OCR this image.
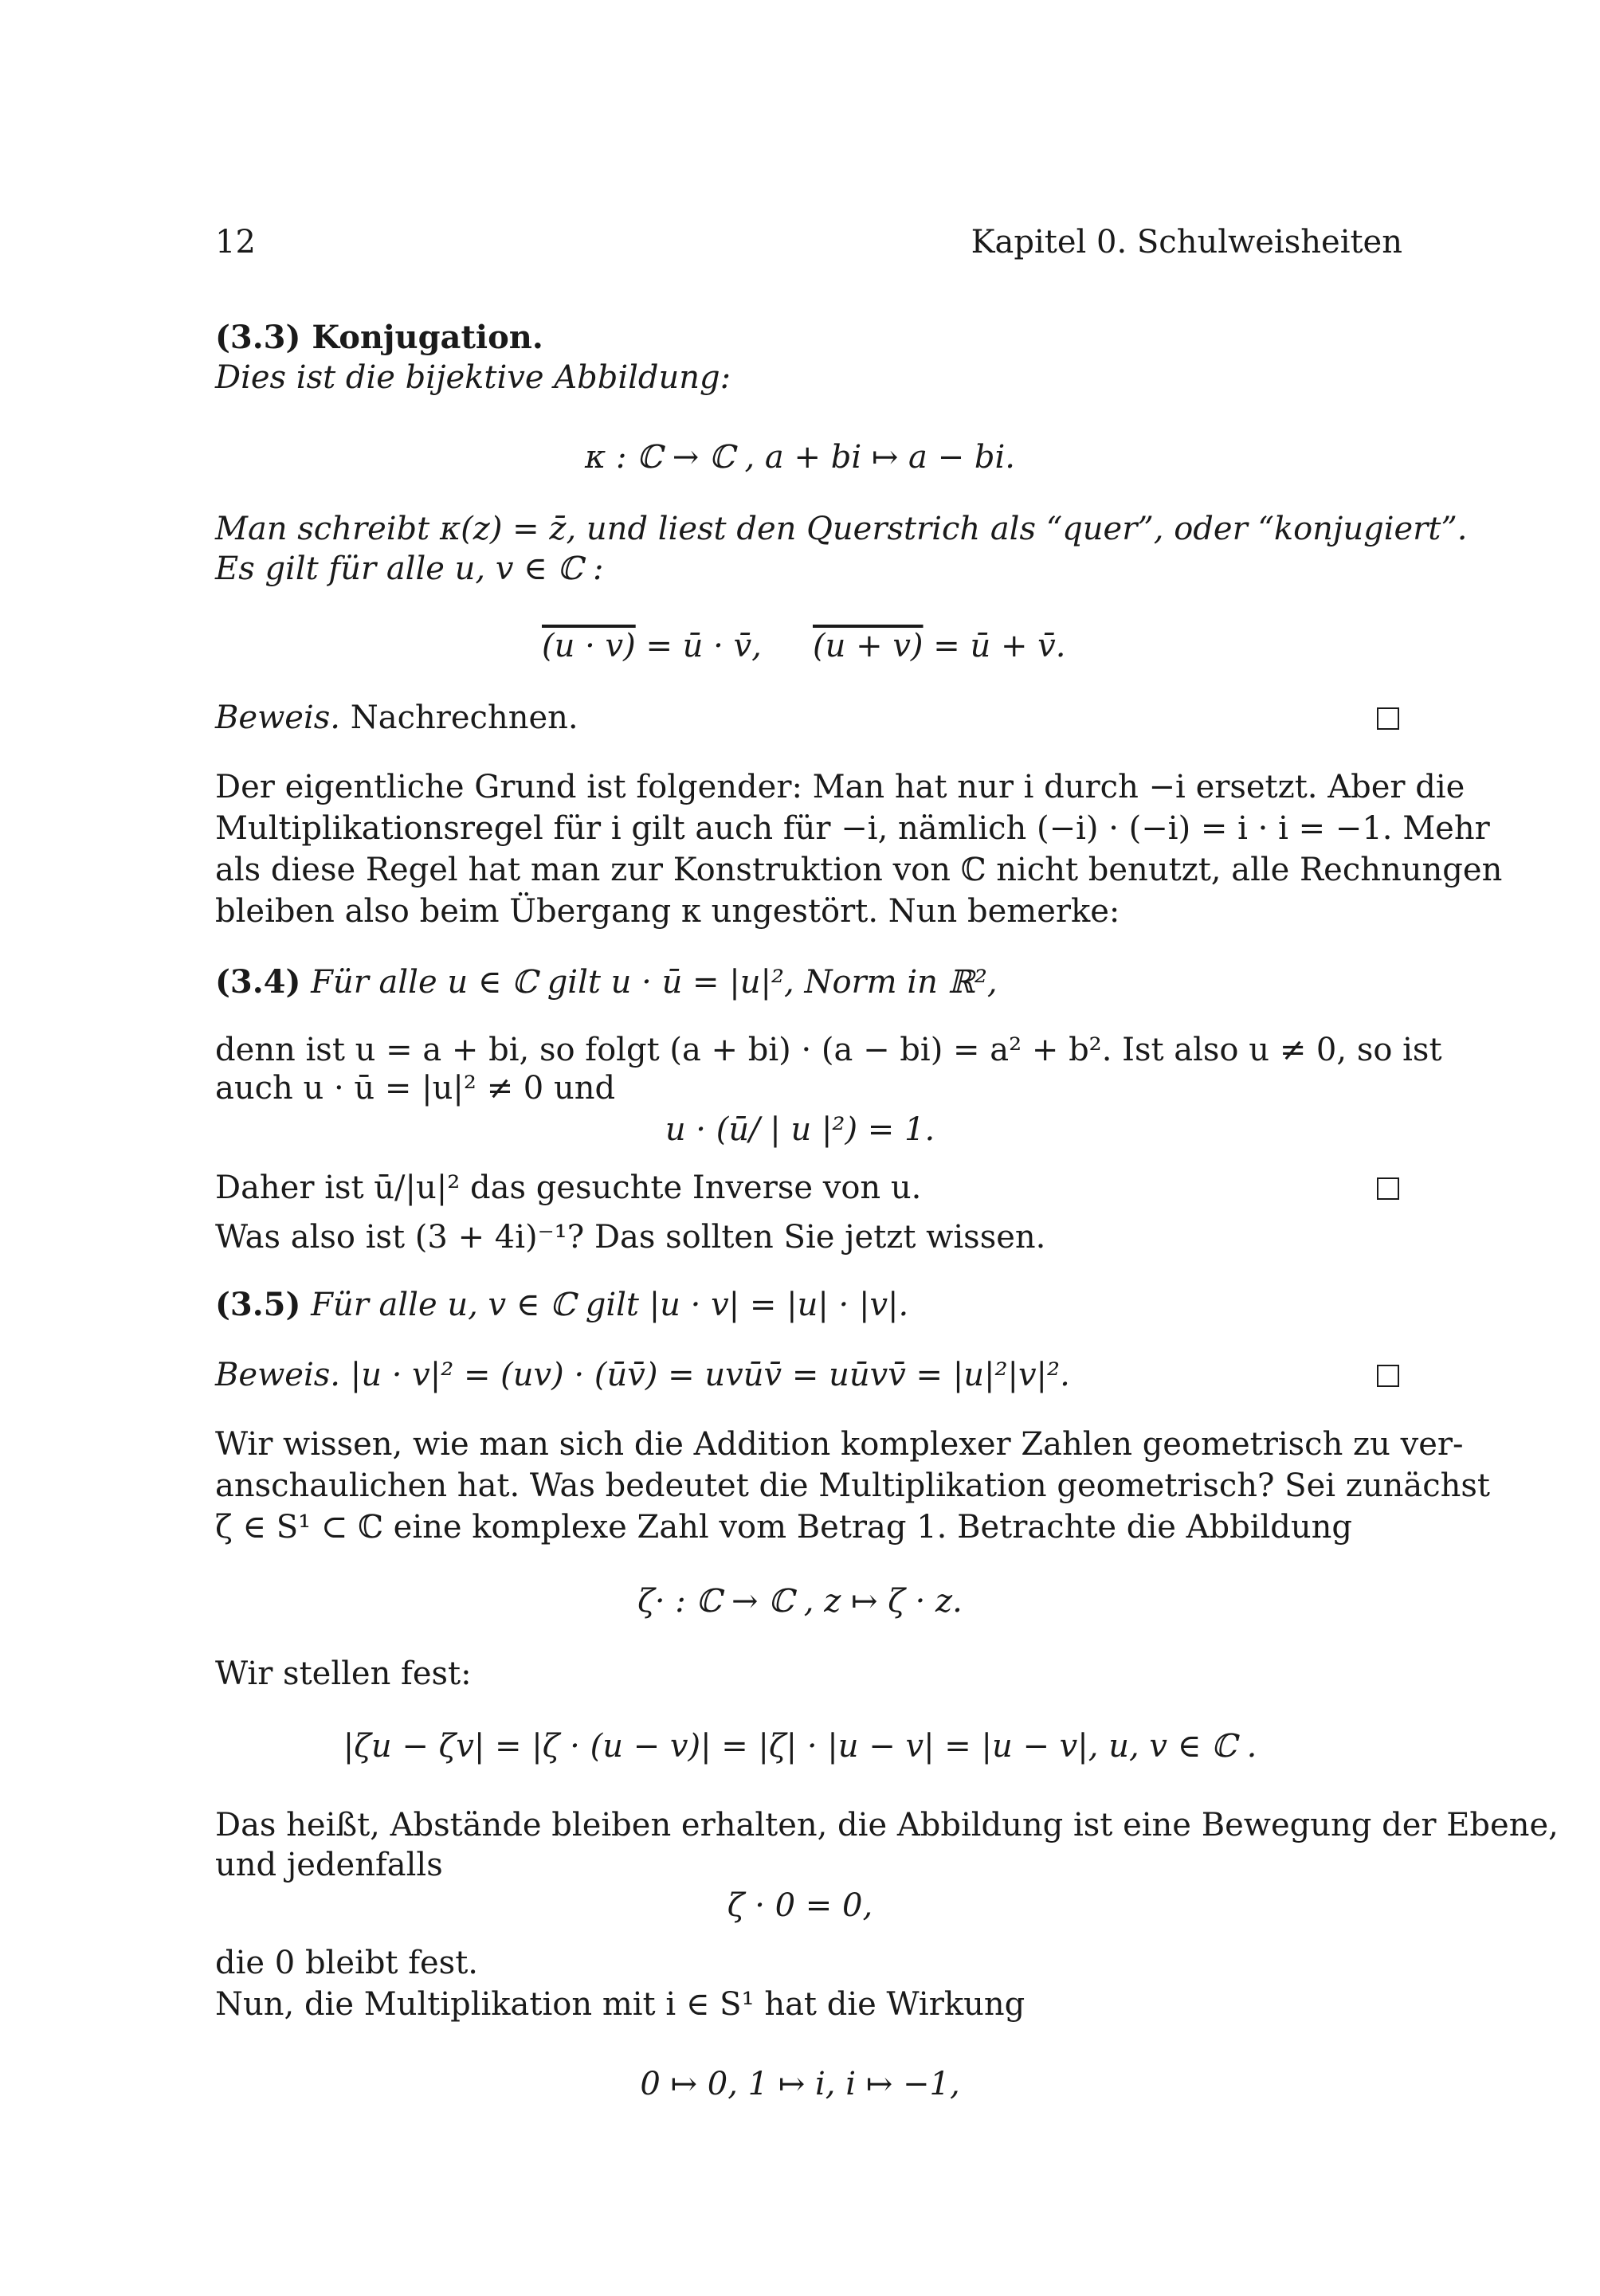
12	Kapitel 0. Schulweisheiten
(3.3) Konjugation.
Dies ist die bijektive Abbildung:
κ : ℂ → ℂ , a + bi ↦ a − bi.
Man schreibt κ(z) = z̄, und liest den Querstrich als “quer”, oder “konjugiert”.
Es gilt für alle u, v ∈ ℂ :
(u · v) = ū · v̄, (u + v) = ū + v̄.
Beweis. Nachrechnen.
Der eigentliche Grund ist folgender: Man hat nur i durch −i ersetzt. Aber die
Multiplikationsregel für i gilt auch für −i, nämlich (−i) · (−i) = i · i = −1. Mehr
als diese Regel hat man zur Konstruktion von ℂ nicht benutzt, alle Rechnungen
bleiben also beim Übergang κ ungestört. Nun bemerke:
(3.4) Für alle u ∈ ℂ gilt u · ū = |u|², Norm in ℝ²,
denn ist u = a + bi, so folgt (a + bi) · (a − bi) = a² + b². Ist also u ≠ 0, so ist
auch u · ū = |u|² ≠ 0 und
u · (ū/ | u |²) = 1.
Daher ist ū/|u|² das gesuchte Inverse von u.
Was also ist (3 + 4i)⁻¹? Das sollten Sie jetzt wissen.
(3.5) Für alle u, v ∈ ℂ gilt |u · v| = |u| · |v|.
Beweis. |u · v|² = (uv) · (ūv̄) = uvūv̄ = uūvv̄ = |u|²|v|².
Wir wissen, wie man sich die Addition komplexer Zahlen geometrisch zu ver-
anschaulichen hat. Was bedeutet die Multiplikation geometrisch? Sei zunächst
ζ ∈ S¹ ⊂ ℂ eine komplexe Zahl vom Betrag 1. Betrachte die Abbildung
ζ· : ℂ → ℂ , z ↦ ζ · z.
Wir stellen fest:
|ζu − ζv| = |ζ · (u − v)| = |ζ| · |u − v| = |u − v|, u, v ∈ ℂ .
Das heißt, Abstände bleiben erhalten, die Abbildung ist eine Bewegung der Ebene,
und jedenfalls
ζ · 0 = 0,
die 0 bleibt fest.
Nun, die Multiplikation mit i ∈ S¹ hat die Wirkung
0 ↦ 0, 1 ↦ i, i ↦ −1,
